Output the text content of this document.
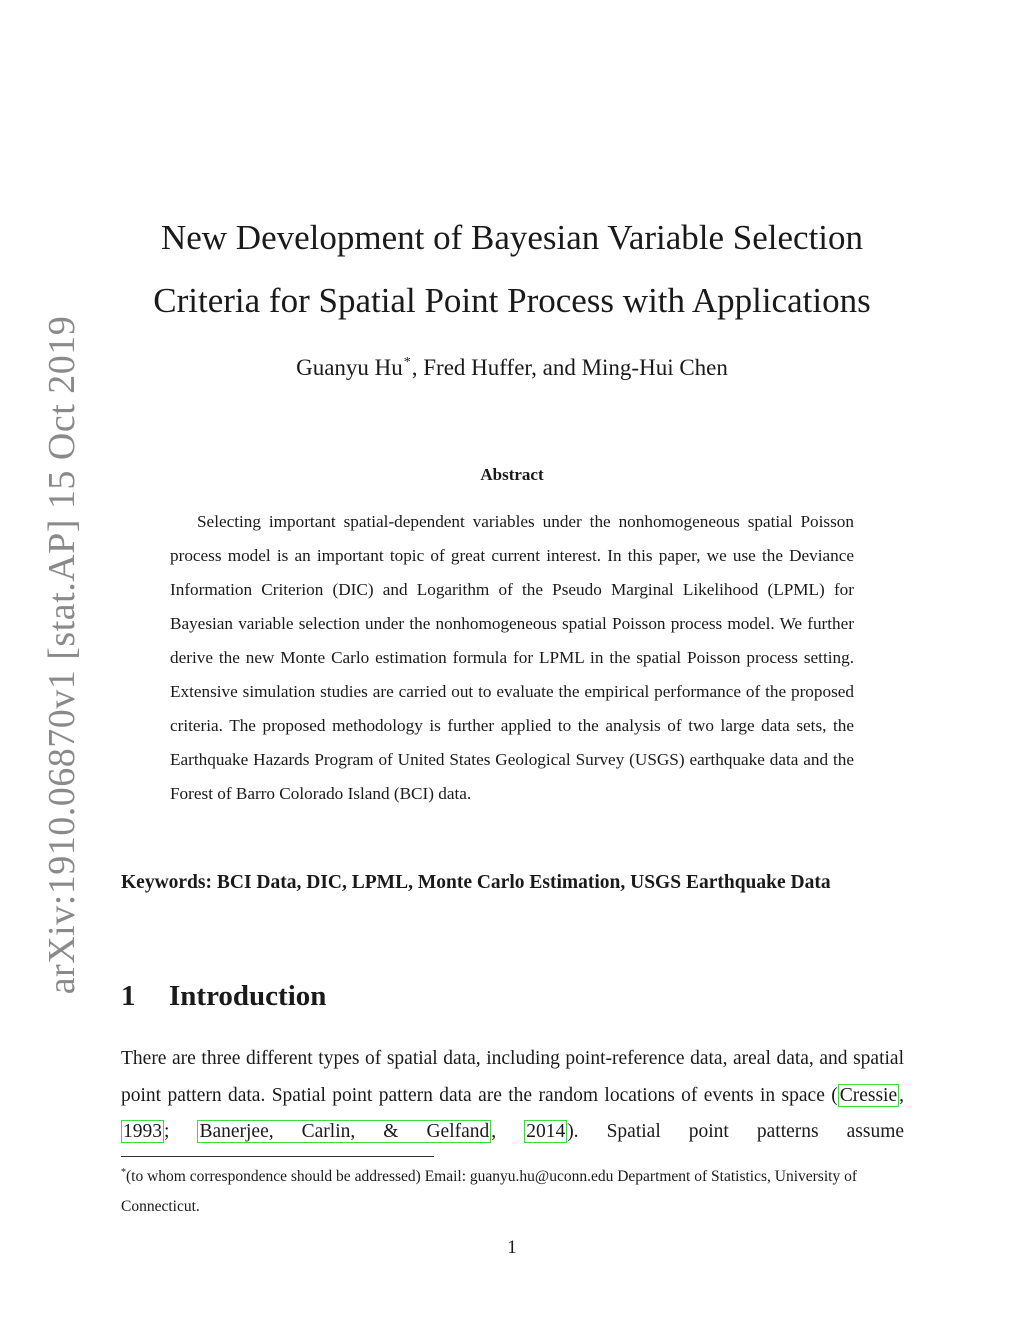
arXiv:1910.06870v1 [stat.AP] 15 Oct 2019
New Development of Bayesian Variable Selection
Criteria for Spatial Point Process with Applications
Guanyu Hu*, Fred Huffer, and Ming-Hui Chen
Abstract
Selecting important spatial-dependent variables under the nonhomogeneous spatial Poisson process model is an important topic of great current interest. In this paper, we use the Deviance Information Criterion (DIC) and Logarithm of the Pseudo Marginal Likelihood (LPML) for Bayesian variable selection under the nonhomogeneous spatial Poisson process model. We further derive the new Monte Carlo estimation formula for LPML in the spatial Poisson process setting. Extensive simulation studies are carried out to evaluate the empirical performance of the proposed criteria. The proposed methodology is further applied to the analysis of two large data sets, the Earthquake Hazards Program of United States Geological Survey (USGS) earthquake data and the Forest of Barro Colorado Island (BCI) data.
Keywords: BCI Data, DIC, LPML, Monte Carlo Estimation, USGS Earthquake Data
1 Introduction
There are three different types of spatial data, including point-reference data, areal data, and spatial point pattern data. Spatial point pattern data are the random locations of events in space ( Cressie , 1993 ; Banerjee, Carlin, & Gelfand , 2014 ). Spatial point patterns assume
*(to whom correspondence should be addressed) Email: guanyu.hu@uconn.edu Department of Statistics, University of Connecticut.
1
